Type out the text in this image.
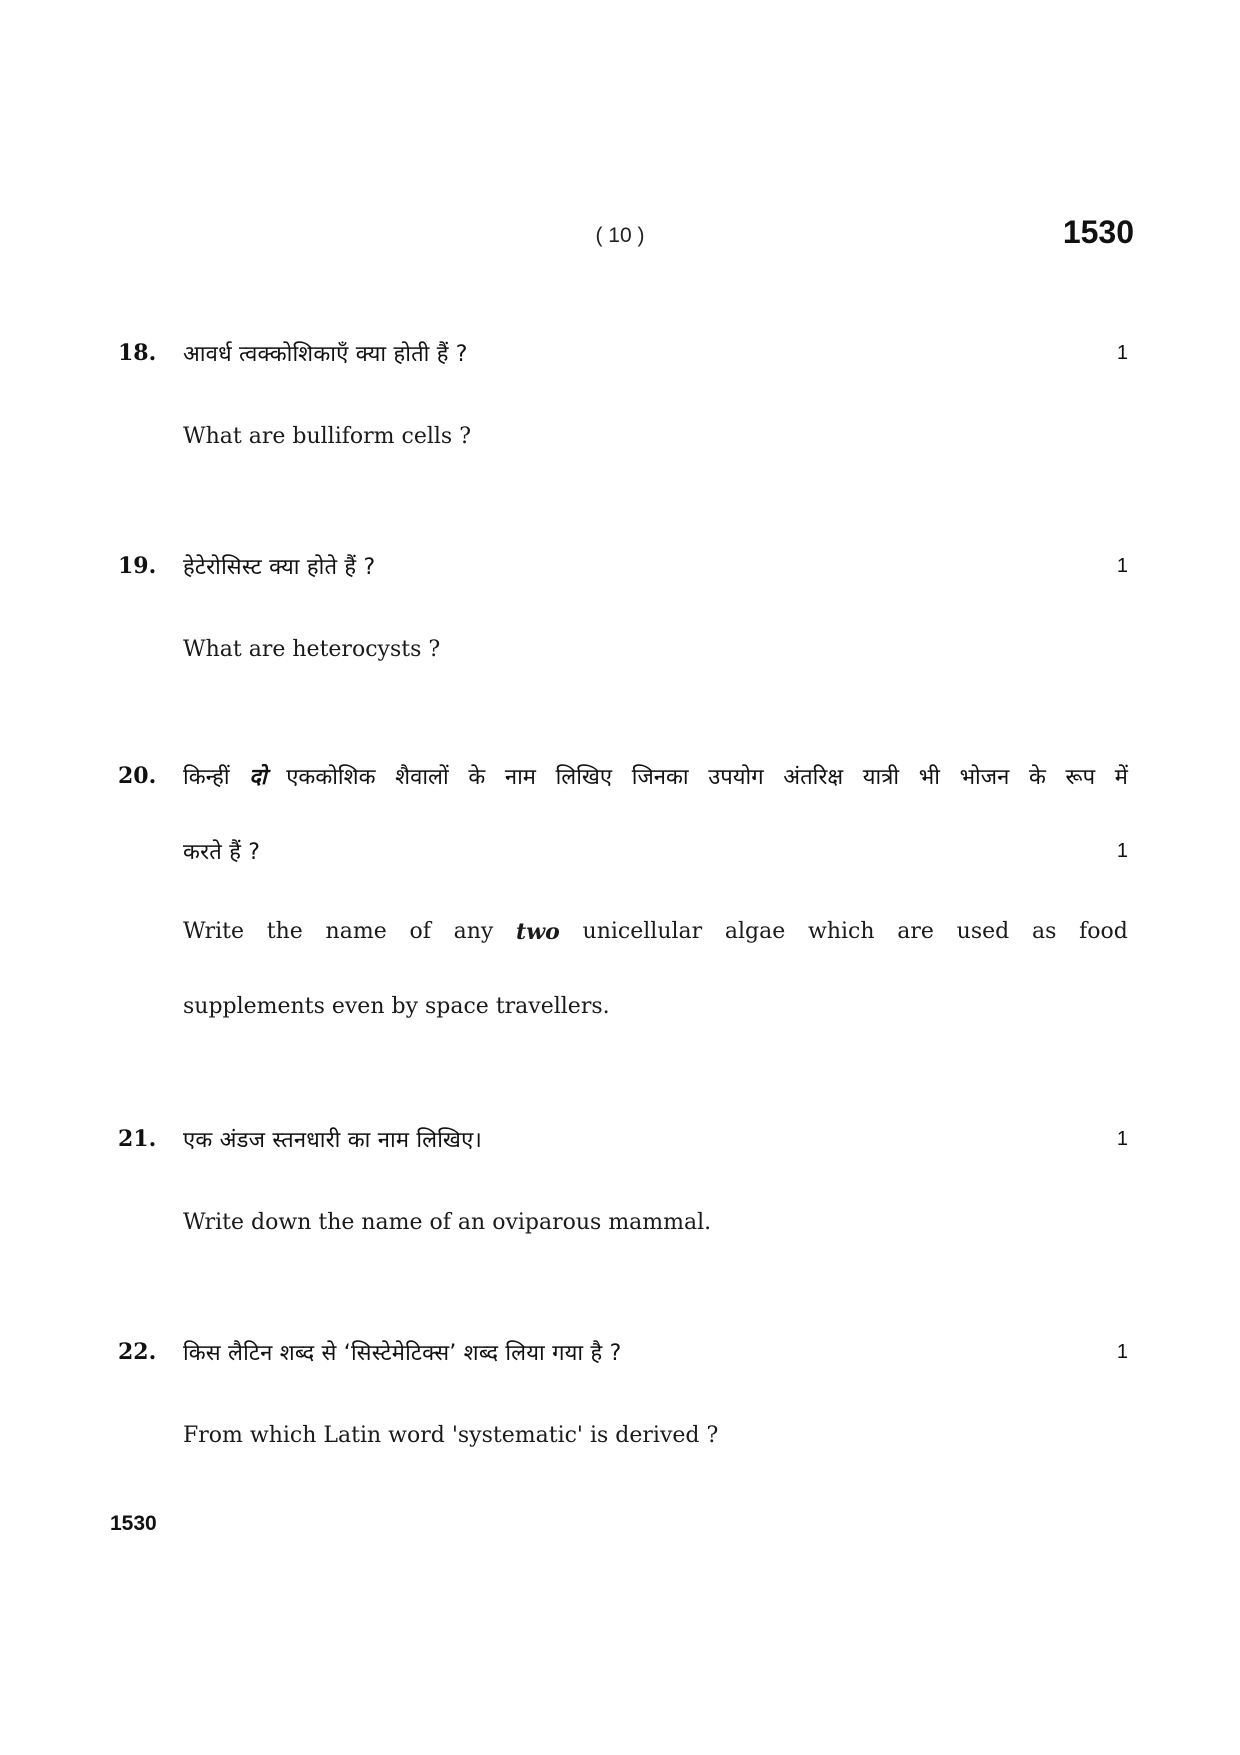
( 10 )	1530
18. आवर्ध त्वक्कोशिकाएँ क्या होती हैं ?	1
What are bulliform cells ?
19. हेटेरोसिस्ट क्या होते हैं ?	1
What are heterocysts ?
20. किन्हीं दो एककोशिक शैवालों के नाम लिखिए जिनका उपयोग अंतरिक्ष यात्री भी भोजन के रूप में
करते हैं ?	1
Write the name of any two unicellular algae which are used as food
supplements even by space travellers.
21. एक अंडज स्तनधारी का नाम लिखिए।	1
Write down the name of an oviparous mammal.
22. किस लैटिन शब्द से ‘सिस्टेमेटिक्स’ शब्द लिया गया है ?	1
From which Latin word 'systematic' is derived ?
1530
